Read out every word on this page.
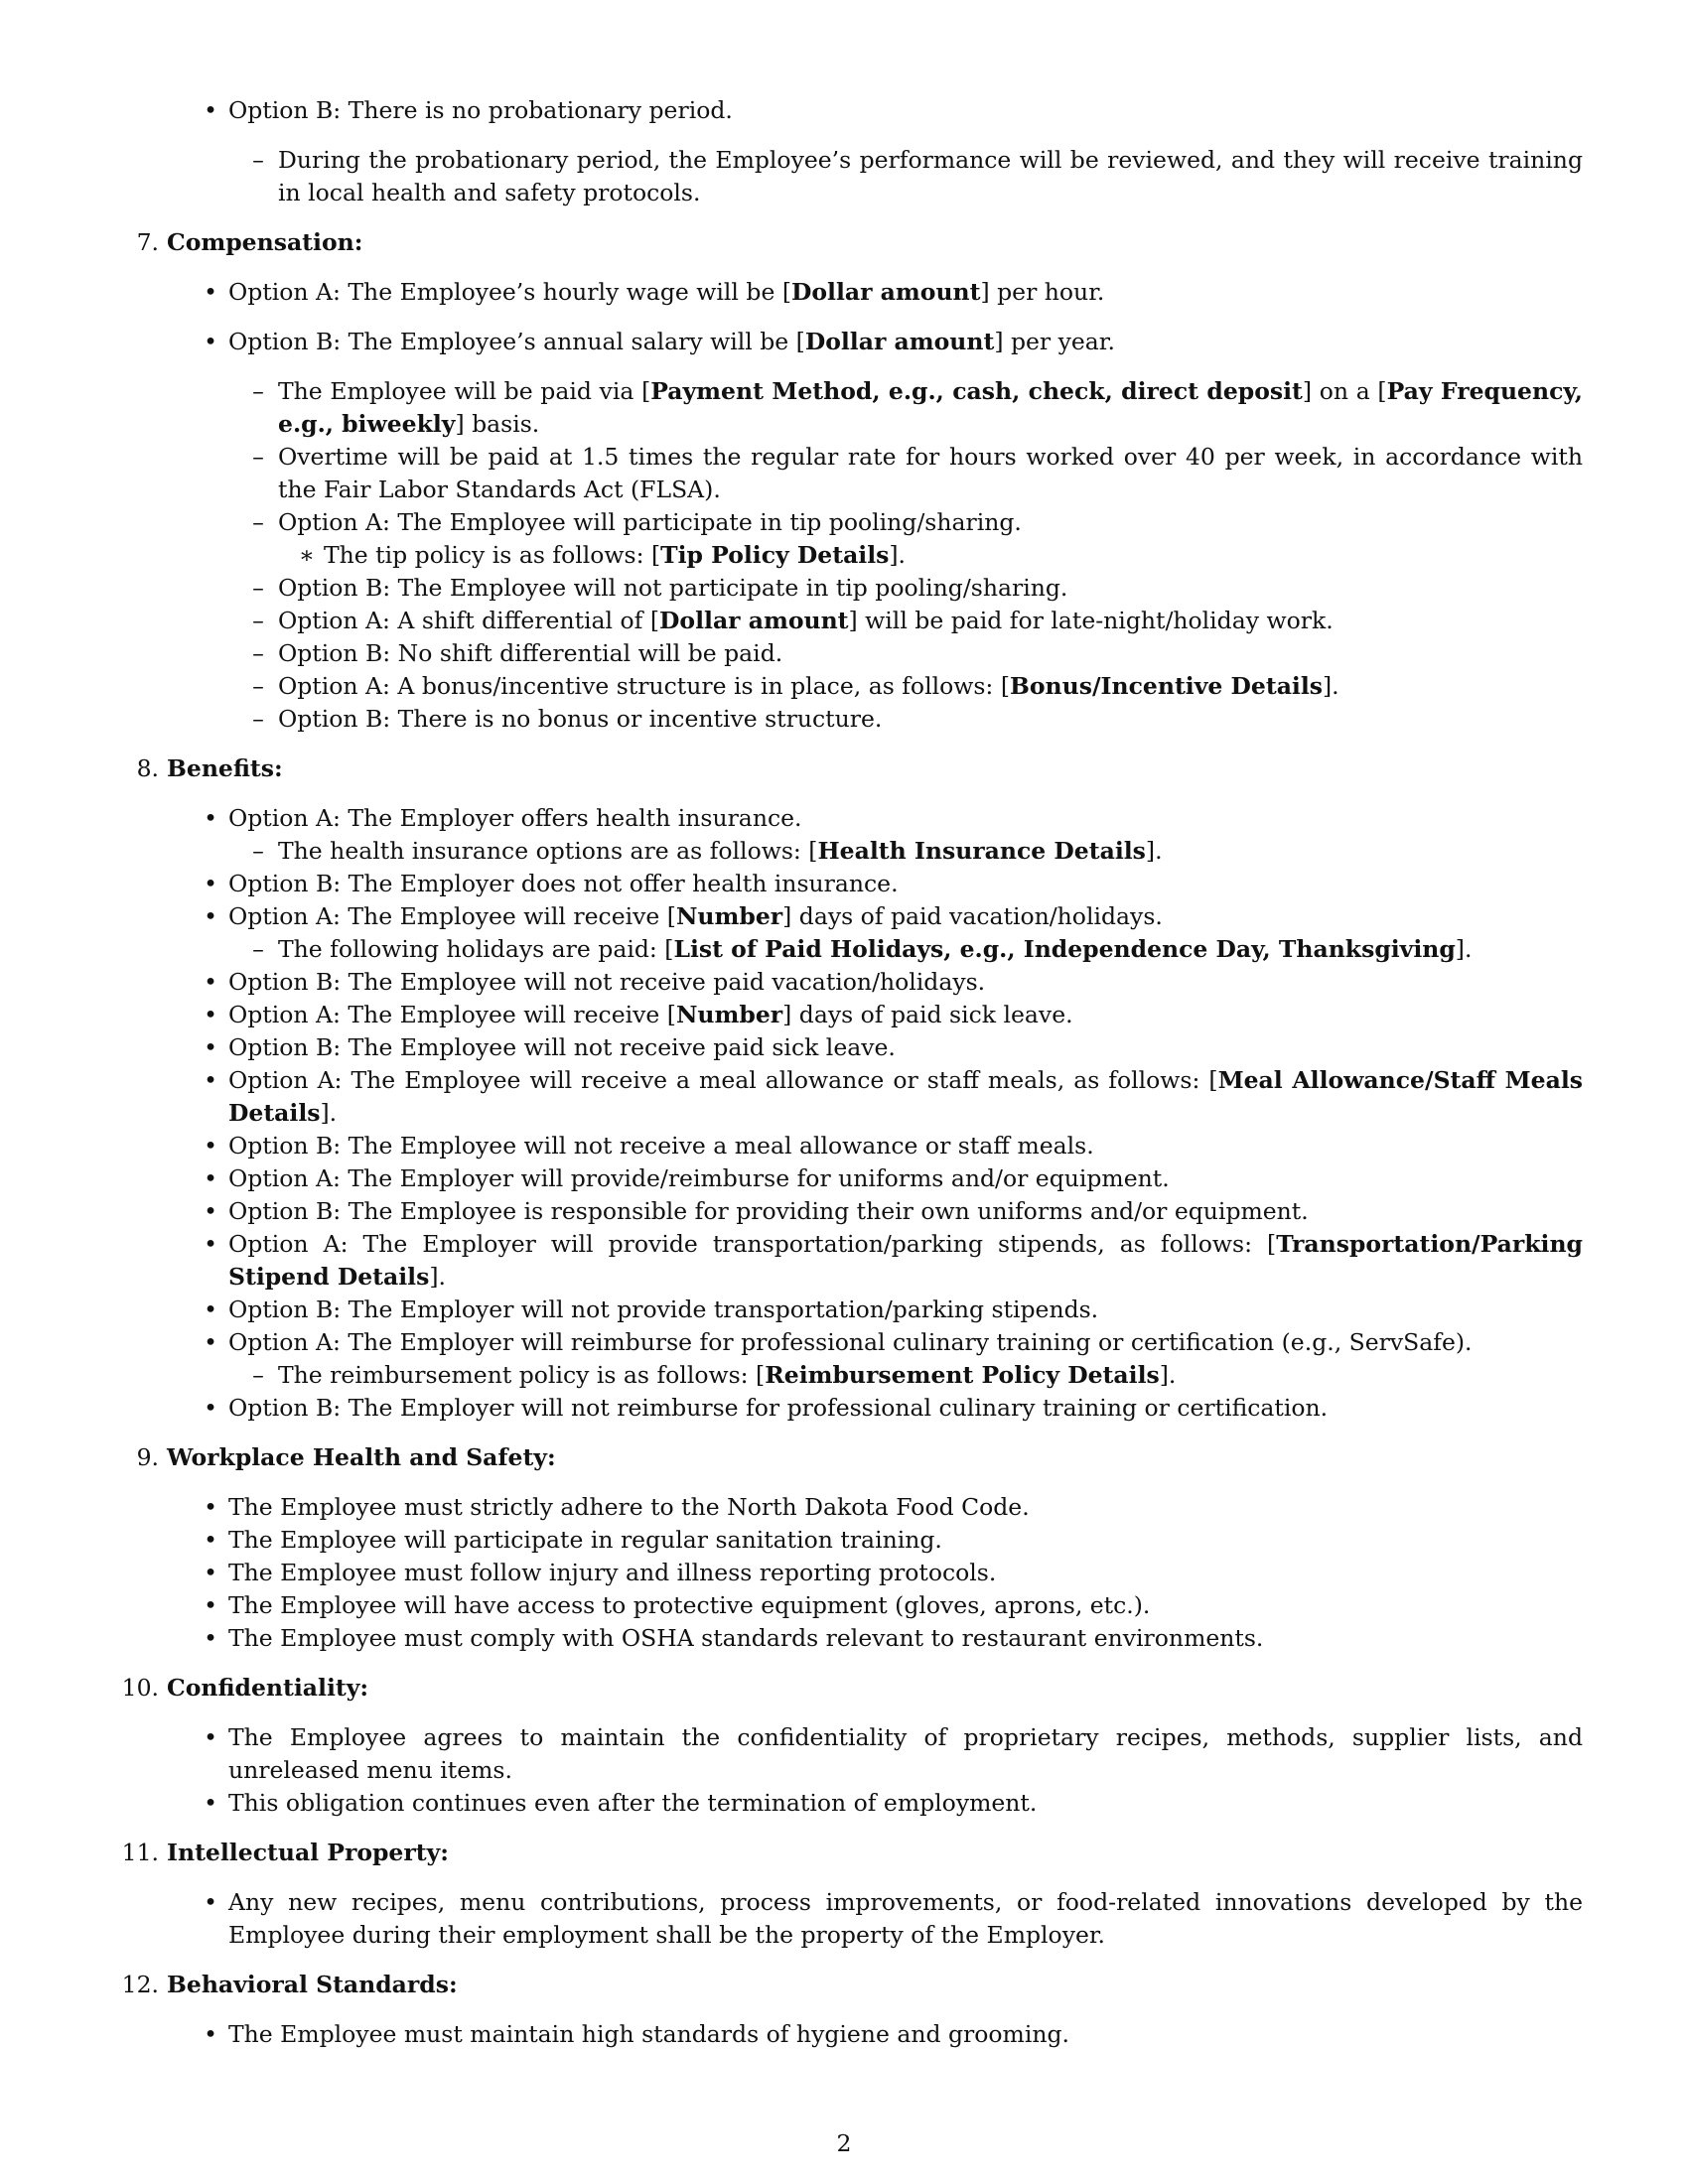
• Option B: There is no probationary period.
– During the probationary period, the Employee’s performance will be reviewed, and they will receive training in local health and safety protocols.
7. Compensation:
• Option A: The Employee’s hourly wage will be [Dollar amount] per hour.
• Option B: The Employee’s annual salary will be [Dollar amount] per year.
– The Employee will be paid via [Payment Method, e.g., cash, check, direct deposit] on a [Pay Frequency, e.g., biweekly] basis.
– Overtime will be paid at 1.5 times the regular rate for hours worked over 40 per week, in accordance with the Fair Labor Standards Act (FLSA).
– Option A: The Employee will participate in tip pooling/sharing.
∗ The tip policy is as follows: [Tip Policy Details].
– Option B: The Employee will not participate in tip pooling/sharing.
– Option A: A shift differential of [Dollar amount] will be paid for late-night/holiday work.
– Option B: No shift differential will be paid.
– Option A: A bonus/incentive structure is in place, as follows: [Bonus/Incentive Details].
– Option B: There is no bonus or incentive structure.
8. Benefits:
• Option A: The Employer offers health insurance.
– The health insurance options are as follows: [Health Insurance Details].
• Option B: The Employer does not offer health insurance.
• Option A: The Employee will receive [Number] days of paid vacation/holidays.
– The following holidays are paid: [List of Paid Holidays, e.g., Independence Day, Thanksgiving].
• Option B: The Employee will not receive paid vacation/holidays.
• Option A: The Employee will receive [Number] days of paid sick leave.
• Option B: The Employee will not receive paid sick leave.
• Option A: The Employee will receive a meal allowance or staff meals, as follows: [Meal Allowance/Staff Meals Details].
• Option B: The Employee will not receive a meal allowance or staff meals.
• Option A: The Employer will provide/reimburse for uniforms and/or equipment.
• Option B: The Employee is responsible for providing their own uniforms and/or equipment.
• Option A: The Employer will provide transportation/parking stipends, as follows: [Transportation/Parking Stipend Details].
• Option B: The Employer will not provide transportation/parking stipends.
• Option A: The Employer will reimburse for professional culinary training or certification (e.g., ServSafe).
– The reimbursement policy is as follows: [Reimbursement Policy Details].
• Option B: The Employer will not reimburse for professional culinary training or certification.
9. Workplace Health and Safety:
• The Employee must strictly adhere to the North Dakota Food Code.
• The Employee will participate in regular sanitation training.
• The Employee must follow injury and illness reporting protocols.
• The Employee will have access to protective equipment (gloves, aprons, etc.).
• The Employee must comply with OSHA standards relevant to restaurant environments.
10. Confidentiality:
• The Employee agrees to maintain the confidentiality of proprietary recipes, methods, supplier lists, and unreleased menu items.
• This obligation continues even after the termination of employment.
11. Intellectual Property:
• Any new recipes, menu contributions, process improvements, or food-related innovations developed by the Employee during their employment shall be the property of the Employer.
12. Behavioral Standards:
• The Employee must maintain high standards of hygiene and grooming.
2
